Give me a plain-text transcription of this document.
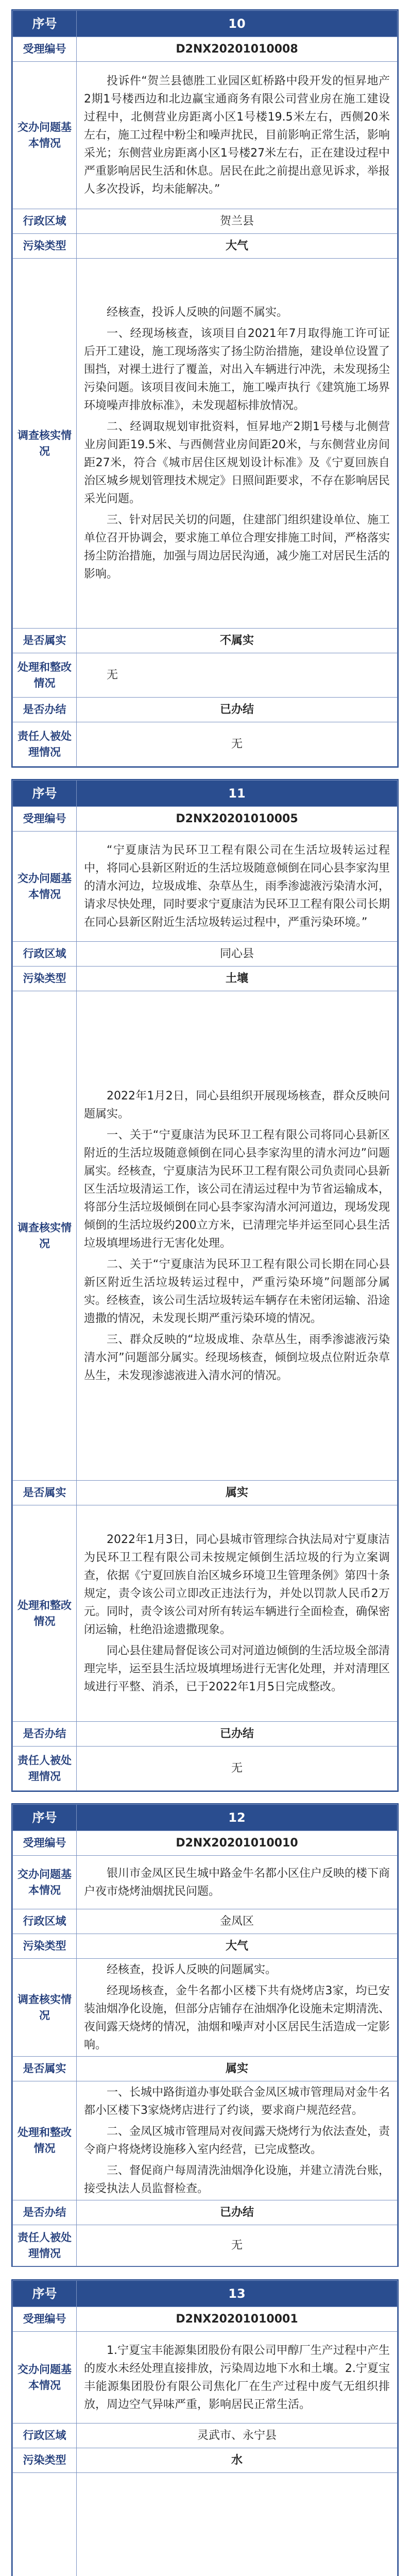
序号	10
受理编号	D2NX20201010008
交办问题基本情况	投诉件“贺兰县德胜工业园区虹桥路中段开发的恒昇地产2期1号楼西边和北边赢宝通商务有限公司营业房在施工建设过程中，北侧营业房距离小区1号楼19.5米左右，西侧20米左右，施工过程中粉尘和噪声扰民，目前影响正常生活，影响采光；东侧营业房距离小区1号楼27米左右，正在建设过程中严重影响居民生活和休息。居民在此之前提出意见诉求，举报人多次投诉，均未能解决。”

行政区域	贺兰县
污染类型	大气
调查核实情况	经核查，投诉人反映的问题不属实。

一、经现场核查，该项目自2021年7月取得施工许可证后开工建设，施工现场落实了扬尘防治措施，建设单位设置了围挡，对裸土进行了覆盖，对出入车辆进行冲洗，未发现扬尘污染问题。该项目夜间未施工，施工噪声执行《建筑施工场界环境噪声排放标准》，未发现超标排放情况。

二、经调取规划审批资料，恒昇地产2期1号楼与北侧营业房间距19.5米、与西侧营业房间距20米，与东侧营业房间距27米，符合《城市居住区规划设计标准》及《宁夏回族自治区城乡规划管理技术规定》日照间距要求，不存在影响居民采光问题。

三、针对居民关切的问题，住建部门组织建设单位、施工单位召开协调会，要求施工单位合理安排施工时间，严格落实扬尘防治措施，加强与周边居民沟通，减少施工对居民生活的影响。

是否属实	不属实
处理和整改情况	无

是否办结	已办结
责任人被处理情况	无
序号	11
受理编号	D2NX20201010005
交办问题基本情况	“宁夏康洁为民环卫工程有限公司在生活垃圾转运过程中，将同心县新区附近的生活垃圾随意倾倒在同心县李家沟里的清水河边，垃圾成堆、杂草丛生，雨季渗滤液污染清水河，请求尽快处理，同时要求宁夏康洁为民环卫工程有限公司长期在同心县新区附近生活垃圾转运过程中，严重污染环境。”

行政区域	同心县
污染类型	土壤
调查核实情况	2022年1月2日，同心县组织开展现场核查，群众反映问题属实。

一、关于“宁夏康洁为民环卫工程有限公司将同心县新区附近的生活垃圾随意倾倒在同心县李家沟里的清水河边”问题属实。经核查，宁夏康洁为民环卫工程有限公司负责同心县新区生活垃圾清运工作，该公司在清运过程中为节省运输成本，将部分生活垃圾倾倒在同心县李家沟清水河河道边，现场发现倾倒的生活垃圾约200立方米，已清理完毕并运至同心县生活垃圾填埋场进行无害化处理。

二、关于“宁夏康洁为民环卫工程有限公司长期在同心县新区附近生活垃圾转运过程中，严重污染环境”问题部分属实。经核查，该公司生活垃圾转运车辆存在未密闭运输、沿途遗撒的情况，未发现长期严重污染环境的情况。

三、群众反映的“垃圾成堆、杂草丛生，雨季渗滤液污染清水河”问题部分属实。经现场核查，倾倒垃圾点位附近杂草丛生，未发现渗滤液进入清水河的情况。

是否属实	属实
处理和整改情况	2022年1月3日，同心县城市管理综合执法局对宁夏康洁为民环卫工程有限公司未按规定倾倒生活垃圾的行为立案调查，依据《宁夏回族自治区城乡环境卫生管理条例》第四十条规定，责令该公司立即改正违法行为，并处以罚款人民币2万元。同时，责令该公司对所有转运车辆进行全面检查，确保密闭运输，杜绝沿途遗撒现象。

同心县住建局督促该公司对河道边倾倒的生活垃圾全部清理完毕，运至县生活垃圾填埋场进行无害化处理，并对清理区域进行平整、消杀，已于2022年1月5日完成整改。

是否办结	已办结
责任人被处理情况	无
序号	12
受理编号	D2NX20201010010
交办问题基本情况	银川市金凤区民生城中路金牛名都小区住户反映的楼下商户夜市烧烤油烟扰民问题。

行政区域	金凤区
污染类型	大气
调查核实情况	经核查，投诉人反映的问题属实。

经现场核查，金牛名都小区楼下共有烧烤店3家，均已安装油烟净化设施，但部分店铺存在油烟净化设施未定期清洗、夜间露天烧烤的情况，油烟和噪声对小区居民生活造成一定影响。

是否属实	属实
处理和整改情况	一、长城中路街道办事处联合金凤区城市管理局对金牛名都小区楼下3家烧烤店进行了约谈，要求商户规范经营。

二、金凤区城市管理局对夜间露天烧烤行为依法查处，责令商户将烧烤设施移入室内经营，已完成整改。

三、督促商户每周清洗油烟净化设施，并建立清洗台账，接受执法人员监督检查。

是否办结	已办结
责任人被处理情况	无
序号	13
受理编号	D2NX20201010001
交办问题基本情况	1.宁夏宝丰能源集团股份有限公司甲醇厂生产过程中产生的废水未经处理直接排放，污染周边地下水和土壤。2.宁夏宝丰能源集团股份有限公司焦化厂在生产过程中废气无组织排放，周边空气异味严重，影响居民正常生活。

行政区域	灵武市、永宁县
污染类型	水
